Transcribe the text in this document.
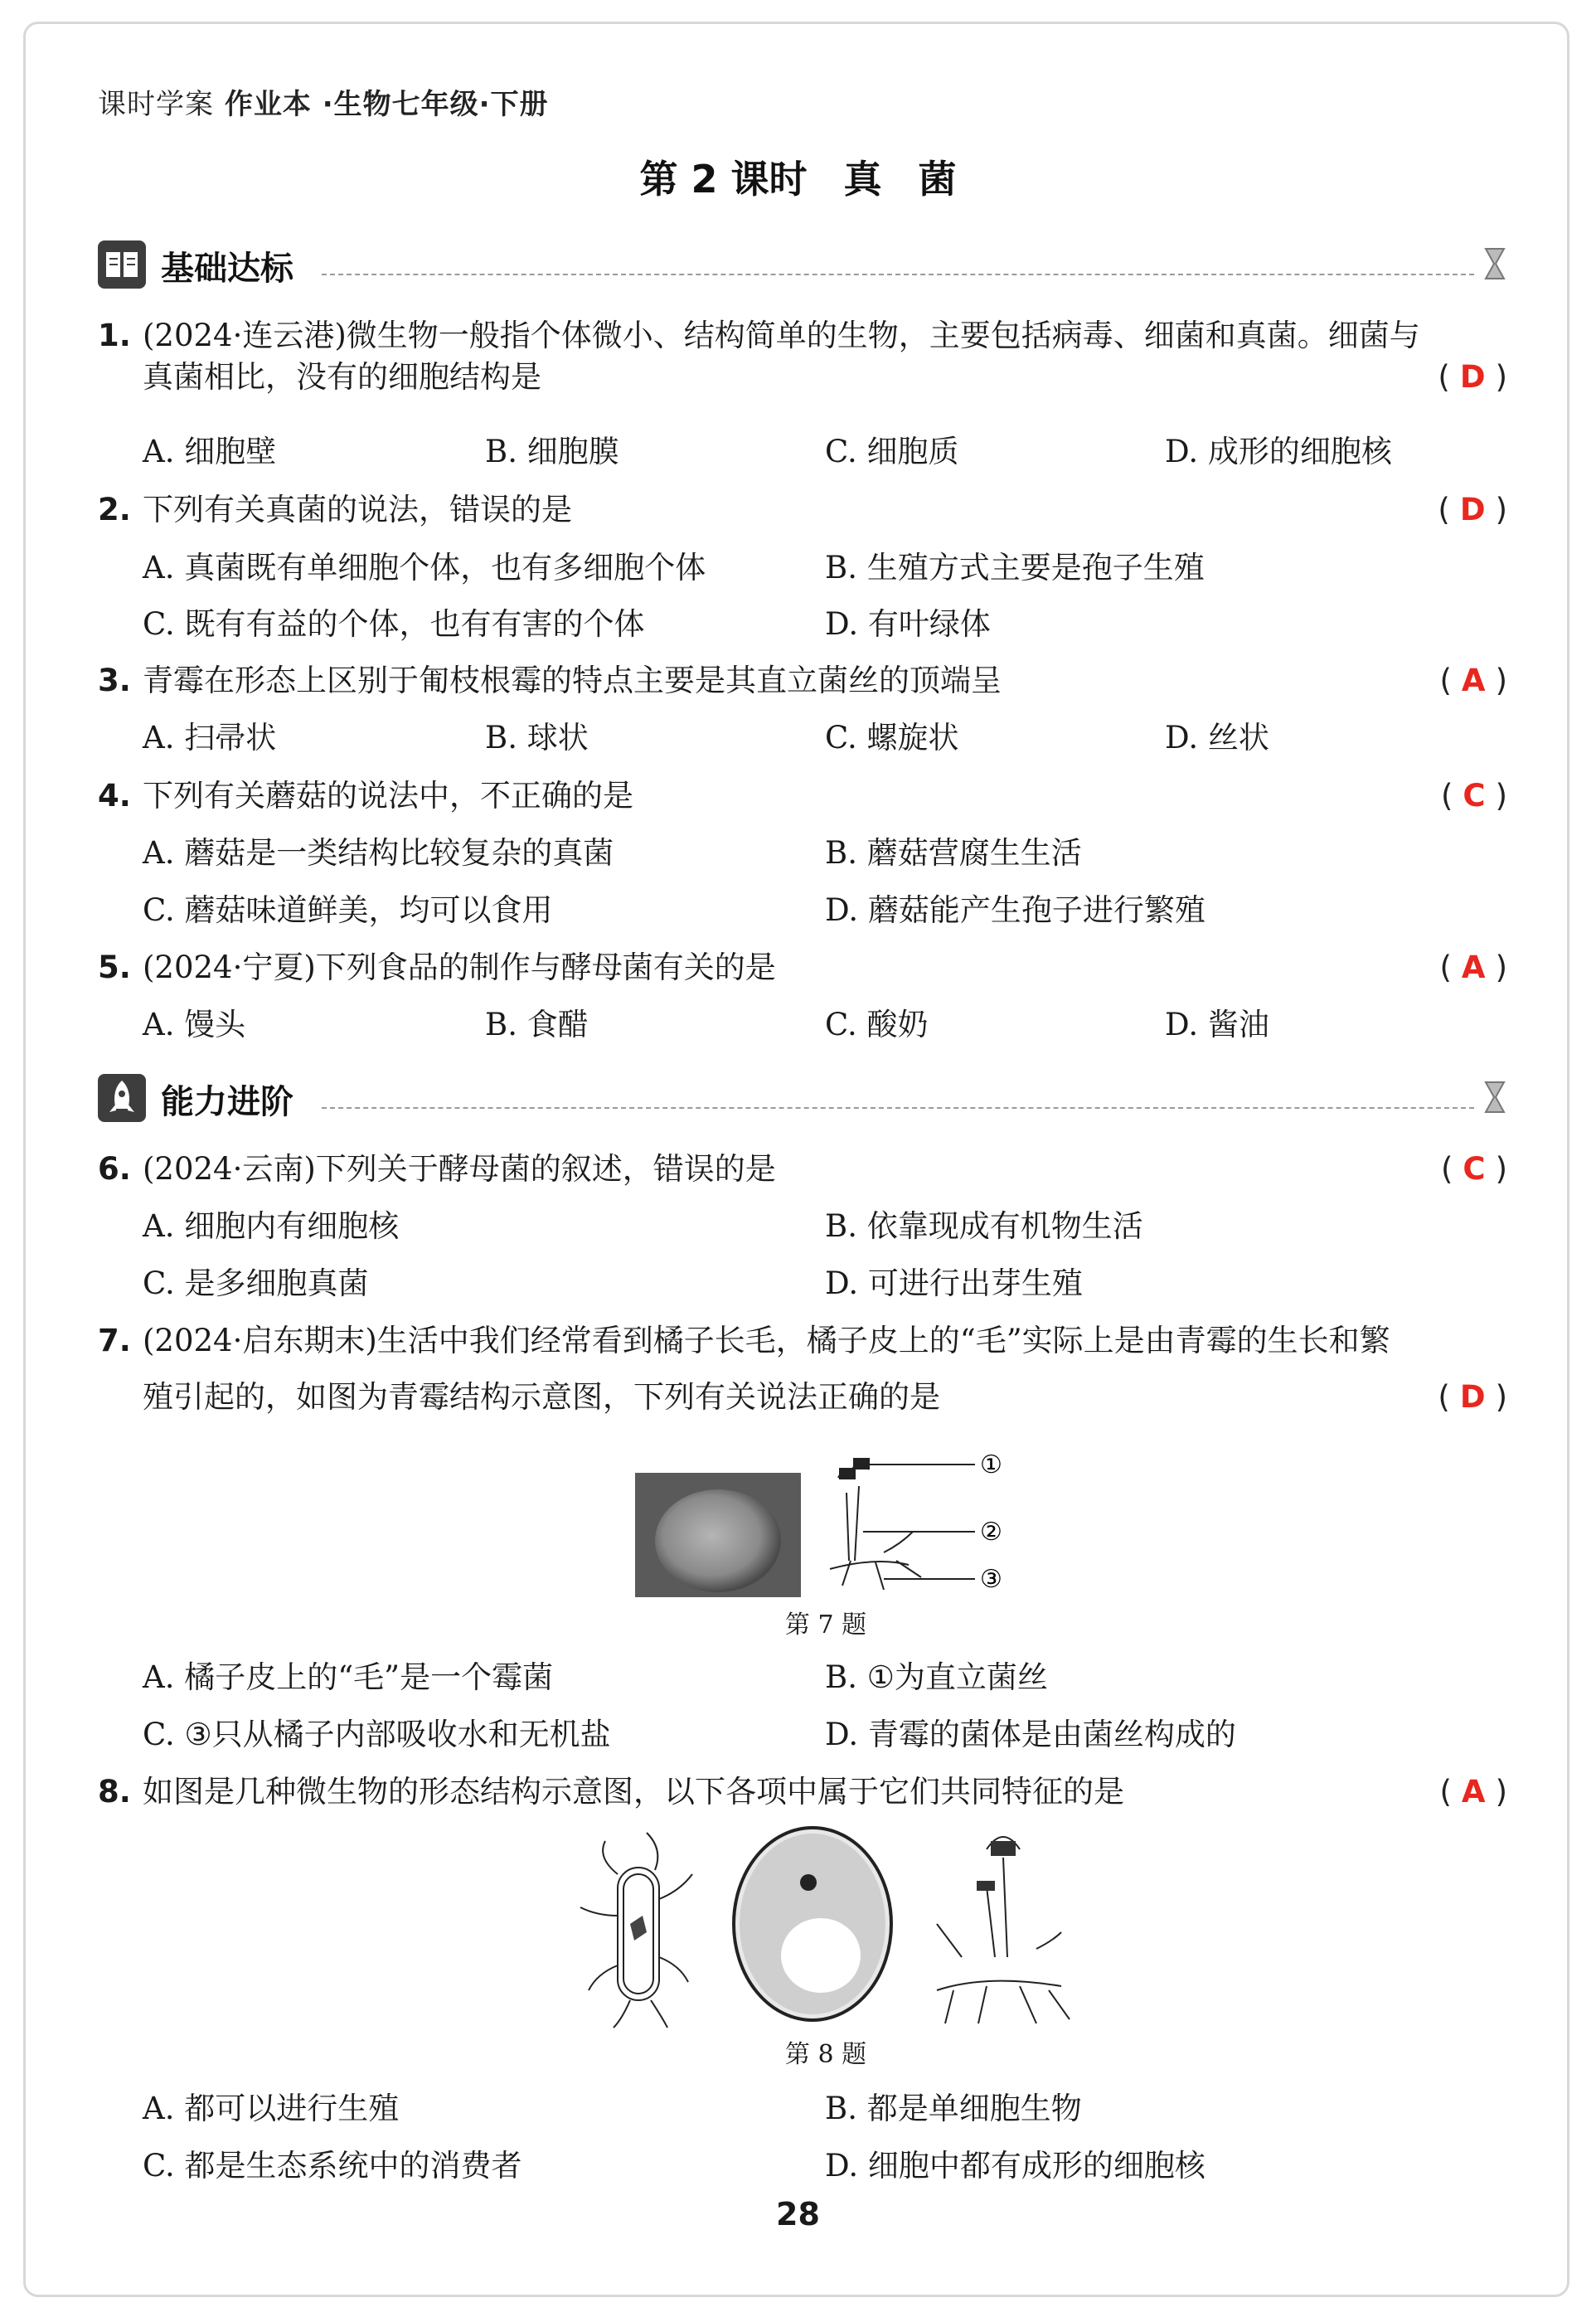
课时学案 作业本 ·生物七年级·下册
第 2 课时 真 菌
基础达标
1. (2024·连云港)微生物一般指个体微小、结构简单的生物，主要包括病毒、细菌和真菌。细菌与
真菌相比，没有的细胞结构是	( D )
A. 细胞壁	B. 细胞膜	C. 细胞质	D. 成形的细胞核
2. 下列有关真菌的说法，错误的是	( D )
A. 真菌既有单细胞个体，也有多细胞个体	B. 生殖方式主要是孢子生殖
C. 既有有益的个体，也有有害的个体	D. 有叶绿体
3. 青霉在形态上区别于匍枝根霉的特点主要是其直立菌丝的顶端呈	( A )
A. 扫帚状	B. 球状	C. 螺旋状	D. 丝状
4. 下列有关蘑菇的说法中，不正确的是	( C )
A. 蘑菇是一类结构比较复杂的真菌	B. 蘑菇营腐生生活
C. 蘑菇味道鲜美，均可以食用	D. 蘑菇能产生孢子进行繁殖
5. (2024·宁夏)下列食品的制作与酵母菌有关的是	( A )
A. 馒头	B. 食醋	C. 酸奶	D. 酱油
能力进阶
6. (2024·云南)下列关于酵母菌的叙述，错误的是	( C )
A. 细胞内有细胞核	B. 依靠现成有机物生活
C. 是多细胞真菌	D. 可进行出芽生殖
7. (2024·启东期末)生活中我们经常看到橘子长毛，橘子皮上的“毛”实际上是由青霉的生长和繁
殖引起的，如图为青霉结构示意图，下列有关说法正确的是	( D )
①
②
③
第 7 题
A. 橘子皮上的“毛”是一个霉菌	B. ①为直立菌丝
C. ③只从橘子内部吸收水和无机盐	D. 青霉的菌体是由菌丝构成的
8. 如图是几种微生物的形态结构示意图，以下各项中属于它们共同特征的是	( A )
第 8 题
A. 都可以进行生殖	B. 都是单细胞生物
C. 都是生态系统中的消费者	D. 细胞中都有成形的细胞核
28
